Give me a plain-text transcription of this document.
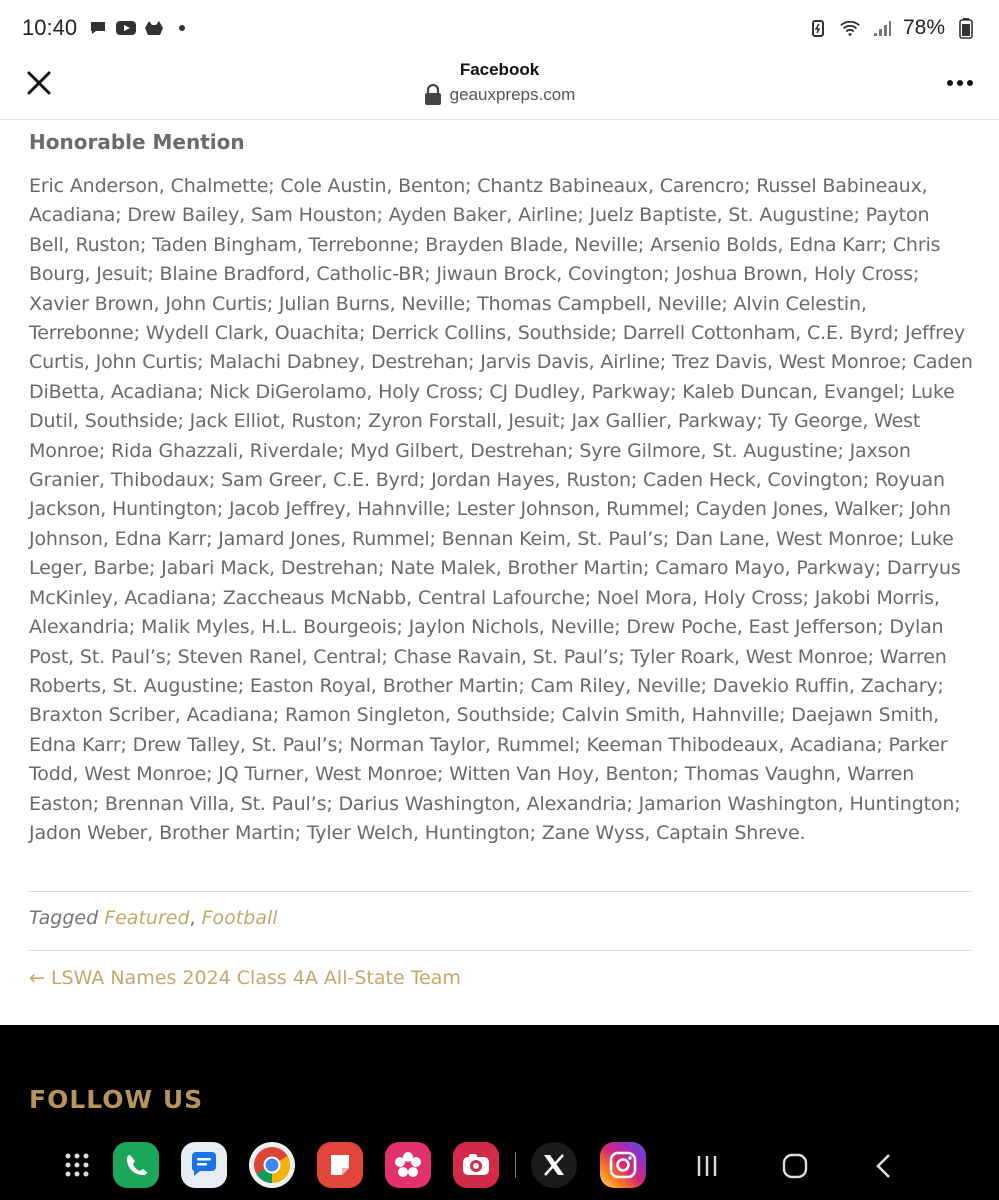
10:40	78%
Facebook
geauxpreps.com
Honorable Mention

Eric Anderson, Chalmette; Cole Austin, Benton; Chantz Babineaux, Carencro; Russel Babineaux, Acadiana; Drew Bailey, Sam Houston; Ayden Baker, Airline; Juelz Baptiste, St. Augustine; Payton Bell, Ruston; Taden Bingham, Terrebonne; Brayden Blade, Neville; Arsenio Bolds, Edna Karr; Chris Bourg, Jesuit; Blaine Bradford, Catholic-BR; Jiwaun Brock, Covington; Joshua Brown, Holy Cross; Xavier Brown, John Curtis; Julian Burns, Neville; Thomas Campbell, Neville; Alvin Celestin, Terrebonne; Wydell Clark, Ouachita; Derrick Collins, Southside; Darrell Cottonham, C.E. Byrd; Jeffrey Curtis, John Curtis; Malachi Dabney, Destrehan; Jarvis Davis, Airline; Trez Davis, West Monroe; Caden DiBetta, Acadiana; Nick DiGerolamo, Holy Cross; CJ Dudley, Parkway; Kaleb Duncan, Evangel; Luke Dutil, Southside; Jack Elliot, Ruston; Zyron Forstall, Jesuit; Jax Gallier, Parkway; Ty George, West Monroe; Rida Ghazzali, Riverdale; Myd Gilbert, Destrehan; Syre Gilmore, St. Augustine; Jaxson Granier, Thibodaux; Sam Greer, C.E. Byrd; Jordan Hayes, Ruston; Caden Heck, Covington; Royuan Jackson, Huntington; Jacob Jeffrey, Hahnville; Lester Johnson, Rummel; Cayden Jones, Walker; John Johnson, Edna Karr; Jamard Jones, Rummel; Bennan Keim, St. Paul’s; Dan Lane, West Monroe; Luke Leger, Barbe; Jabari Mack, Destrehan; Nate Malek, Brother Martin; Camaro Mayo, Parkway; Darryus McKinley, Acadiana; Zaccheaus McNabb, Central Lafourche; Noel Mora, Holy Cross; Jakobi Morris, Alexandria; Malik Myles, H.L. Bourgeois; Jaylon Nichols, Neville; Drew Poche, East Jefferson; Dylan Post, St. Paul’s; Steven Ranel, Central; Chase Ravain, St. Paul’s; Tyler Roark, West Monroe; Warren Roberts, St. Augustine; Easton Royal, Brother Martin; Cam Riley, Neville; Davekio Ruffin, Zachary; Braxton Scriber, Acadiana; Ramon Singleton, Southside; Calvin Smith, Hahnville; Daejawn Smith, Edna Karr; Drew Talley, St. Paul’s; Norman Taylor, Rummel; Keeman Thibodeaux, Acadiana; Parker Todd, West Monroe; JQ Turner, West Monroe; Witten Van Hoy, Benton; Thomas Vaughn, Warren Easton; Brennan Villa, St. Paul’s; Darius Washington, Alexandria; Jamarion Washington, Huntington; Jadon Weber, Brother Martin; Tyler Welch, Huntington; Zane Wyss, Captain Shreve.

Tagged Featured, Football
← LSWA Names 2024 Class 4A All-State Team
FOLLOW US
